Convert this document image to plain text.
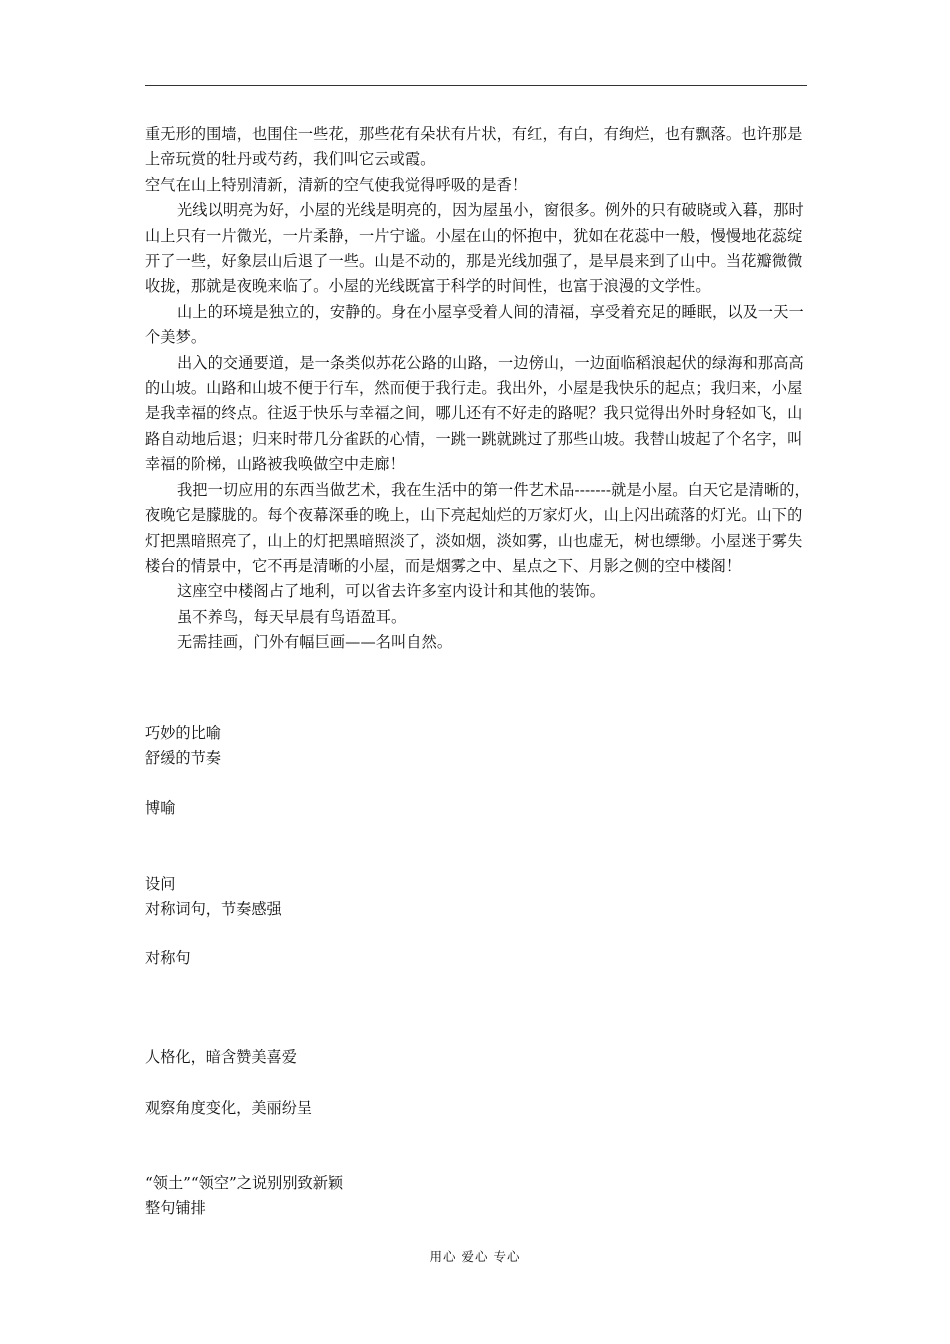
重无形的围墙，也围住一些花，那些花有朵状有片状，有红，有白，有绚烂，也有飘落。也许那是上帝玩赏的牡丹或芍药，我们叫它云或霞。

空气在山上特别清新，清新的空气使我觉得呼吸的是香！

光线以明亮为好，小屋的光线是明亮的，因为屋虽小，窗很多。例外的只有破晓或入暮，那时山上只有一片微光，一片柔静，一片宁谧。小屋在山的怀抱中，犹如在花蕊中一般，慢慢地花蕊绽开了一些，好象层山后退了一些。山是不动的，那是光线加强了，是早晨来到了山中。当花瓣微微收拢，那就是夜晚来临了。小屋的光线既富于科学的时间性，也富于浪漫的文学性。

山上的环境是独立的，安静的。身在小屋享受着人间的清福，享受着充足的睡眠，以及一天一个美梦。

出入的交通要道，是一条类似苏花公路的山路，一边傍山，一边面临稻浪起伏的绿海和那高高的山坡。山路和山坡不便于行车，然而便于我行走。我出外，小屋是我快乐的起点；我归来，小屋是我幸福的终点。往返于快乐与幸福之间，哪儿还有不好走的路呢？我只觉得出外时身轻如飞，山路自动地后退；归来时带几分雀跃的心情，一跳一跳就跳过了那些山坡。我替山坡起了个名字，叫幸福的阶梯，山路被我唤做空中走廊！

我把一切应用的东西当做艺术，我在生活中的第一件艺术品-------就是小屋。白天它是清晰的，夜晚它是朦胧的。每个夜幕深垂的晚上，山下亮起灿烂的万家灯火，山上闪出疏落的灯光。山下的灯把黑暗照亮了，山上的灯把黑暗照淡了，淡如烟，淡如雾，山也虚无，树也缥缈。小屋迷于雾失楼台的情景中，它不再是清晰的小屋，而是烟雾之中、星点之下、月影之侧的空中楼阁！

这座空中楼阁占了地利，可以省去许多室内设计和其他的装饰。

虽不养鸟，每天早晨有鸟语盈耳。

无需挂画，门外有幅巨画——名叫自然。

巧妙的比喻
舒缓的节奏
博喻
设问
对称词句，节奏感强
对称句
人格化，暗含赞美喜爱
观察角度变化，美丽纷呈
“领土”“领空”之说别别致新颖
整句铺排
用心 爱心 专心
